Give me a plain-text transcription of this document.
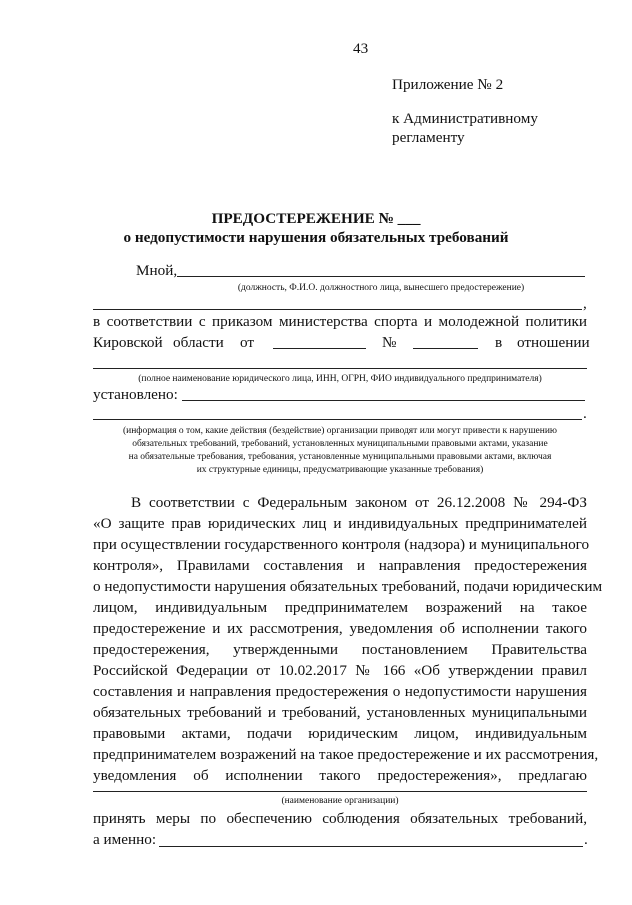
43
Приложение № 2
к Административному
регламенту
ПРЕДОСТЕРЕЖЕНИЕ № ___
о недопустимости нарушения обязательных требований
Мной,
(должность, Ф.И.О. должностного лица, вынесшего предостережение)
,
в соответствии с приказом министерства спорта и молодежной политики
Кировской области от	№	в отношении
(полное наименование юридического лица, ИНН, ОГРН, ФИО индивидуального предпринимателя)
установлено:
.
(информация о том, какие действия (бездействие) организации приводят или могут привести к нарушению
обязательных требований, требований, установленных муниципальными правовыми актами, указание
на обязательные требования, требования, установленные муниципальными правовыми актами, включая
их структурные единицы, предусматривающие указанные требования)
В соответствии с Федеральным законом от 26.12.2008 № 294-ФЗ
«О защите прав юридических лиц и индивидуальных предпринимателей
при осуществлении государственного контроля (надзора) и муниципального
контроля», Правилами составления и направления предостережения
о недопустимости нарушения обязательных требований, подачи юридическим
лицом, индивидуальным предпринимателем возражений на такое
предостережение и их рассмотрения, уведомления об исполнении такого
предостережения, утвержденными постановлением Правительства
Российской Федерации от 10.02.2017 № 166 «Об утверждении правил
составления и направления предостережения о недопустимости нарушения
обязательных требований и требований, установленных муниципальными
правовыми актами, подачи юридическим лицом, индивидуальным
предпринимателем возражений на такое предостережение и их рассмотрения,
уведомления об исполнении такого предостережения», предлагаю
(наименование организации)
принять меры по обеспечению соблюдения обязательных требований,
а именно:	.
